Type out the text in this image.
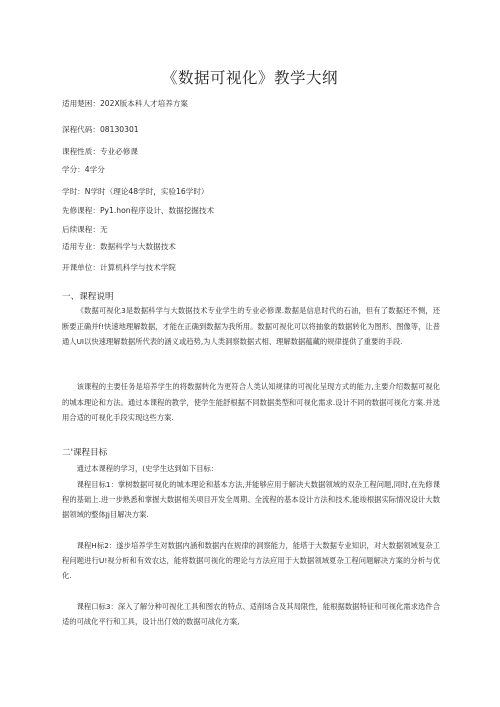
《数据可视化》教学大纲
适用楚困：202X版本科人才培养方案
深程代码：08130301
课程性质：专业必修课
学分：4学分
学时：N学时（理论48学时，实验16学时）
先修课程：Py1.hon程序设计、数据挖掘技术
后续课程：无
适用专业：数据科学与大数据技术
开课单位：计算机科学与技术学院
一、课程说明

《数据可视化3是数据科学与大数据技术专业学生的专业必修课.数据是信息时代的石油，但有了数据还不恻，还断要正确并f!快速地理解数据，才能在正确到数据为我所用。数据可视化可以将抽象的数据转化为图形、图像等，让普通人UI以快速理解数据所代表的涵义或趋势,为人类洞察数据式相、理解数据蕴藏的规律提供了重要的手段.

该课程的主要任务是培养学生的将数据转化为更符合人类认知规律的可视化呈现方式的能力,主要介绍数据可视化的城本理论和方法。通过本课程的教学，使学生能舒根据不同数据类型和可视化需求.设计不同的数据可视化方案.并选用合适的可视化手段实现这些方案.

二'课程目标

通过本课程的学习，(史学生达到如下目标：

课程目标1：掌树数据可视化的城本理论和基本方法,并能够应用于解决大数据领域的双杂工程问题,同时,在先修课程的基础上.进一步熟悉和掌握大数据相关项目开发全周期、全流程的基本设计方法和技术,能竣根据实际情况设计大数据领域的整体Jj目解决方案.

课程H标2：遂步培养学生对数据内涵和数据内在规律的洞察能力，能塔于大数据专业知识，对大数据领域复杂工程问题进行U!视分析和有效农达，能将数据可视化的理论与方法应用于大数据领域夏杂工程问题解决方案的分析与优化.

课程口标3：深入了解分种可视化工具和图农的特点、适削场合及其局限性，能根据数据特征和可视化需求选件合适的可战化平行和工具，设计出仃效的数据可战化方案,
